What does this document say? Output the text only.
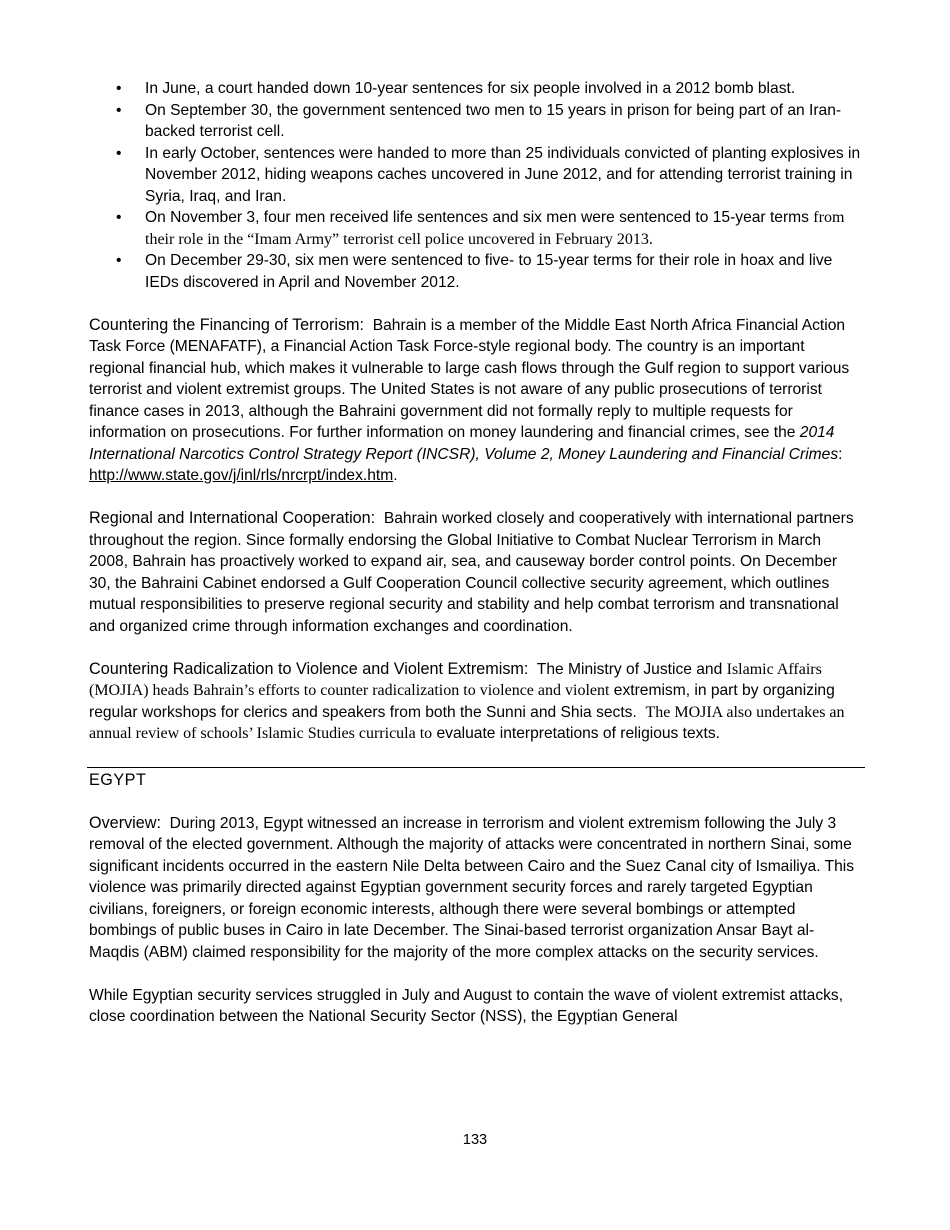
• In June, a court handed down 10-year sentences for six people involved in a 2012 bomb blast.
• On September 30, the government sentenced two men to 15 years in prison for being part of an Iran-backed terrorist cell.
• In early October, sentences were handed to more than 25 individuals convicted of planting explosives in November 2012, hiding weapons caches uncovered in June 2012, and for attending terrorist training in Syria, Iraq, and Iran.
• On November 3, four men received life sentences and six men were sentenced to 15-year terms from their role in the “Imam Army” terrorist cell police uncovered in February 2013.
• On December 29-30, six men were sentenced to five- to 15-year terms for their role in hoax and live IEDs discovered in April and November 2012.

Countering the Financing of Terrorism: Bahrain is a member of the Middle East North Africa Financial Action Task Force (MENAFATF), a Financial Action Task Force-style regional body. The country is an important regional financial hub, which makes it vulnerable to large cash flows through the Gulf region to support various terrorist and violent extremist groups. The United States is not aware of any public prosecutions of terrorist finance cases in 2013, although the Bahraini government did not formally reply to multiple requests for information on prosecutions. For further information on money laundering and financial crimes, see the 2014 International Narcotics Control Strategy Report (INCSR), Volume 2, Money Laundering and Financial Crimes: http://www.state.gov/j/inl/rls/nrcrpt/index.htm.

Regional and International Cooperation: Bahrain worked closely and cooperatively with international partners throughout the region. Since formally endorsing the Global Initiative to Combat Nuclear Terrorism in March 2008, Bahrain has proactively worked to expand air, sea, and causeway border control points. On December 30, the Bahraini Cabinet endorsed a Gulf Cooperation Council collective security agreement, which outlines mutual responsibilities to preserve regional security and stability and help combat terrorism and transnational and organized crime through information exchanges and coordination.

Countering Radicalization to Violence and Violent Extremism: The Ministry of Justice and Islamic Affairs (MOJIA) heads Bahrain’s efforts to counter radicalization to violence and violent extremism, in part by organizing regular workshops for clerics and speakers from both the Sunni and Shia sects. The MOJIA also undertakes an annual review of schools’ Islamic Studies curricula to evaluate interpretations of religious texts.

EGYPT

Overview: During 2013, Egypt witnessed an increase in terrorism and violent extremism following the July 3 removal of the elected government. Although the majority of attacks were concentrated in northern Sinai, some significant incidents occurred in the eastern Nile Delta between Cairo and the Suez Canal city of Ismailiya. This violence was primarily directed against Egyptian government security forces and rarely targeted Egyptian civilians, foreigners, or foreign economic interests, although there were several bombings or attempted bombings of public buses in Cairo in late December. The Sinai-based terrorist organization Ansar Bayt al-Maqdis (ABM) claimed responsibility for the majority of the more complex attacks on the security services.

While Egyptian security services struggled in July and August to contain the wave of violent extremist attacks, close coordination between the National Security Sector (NSS), the Egyptian General

133
